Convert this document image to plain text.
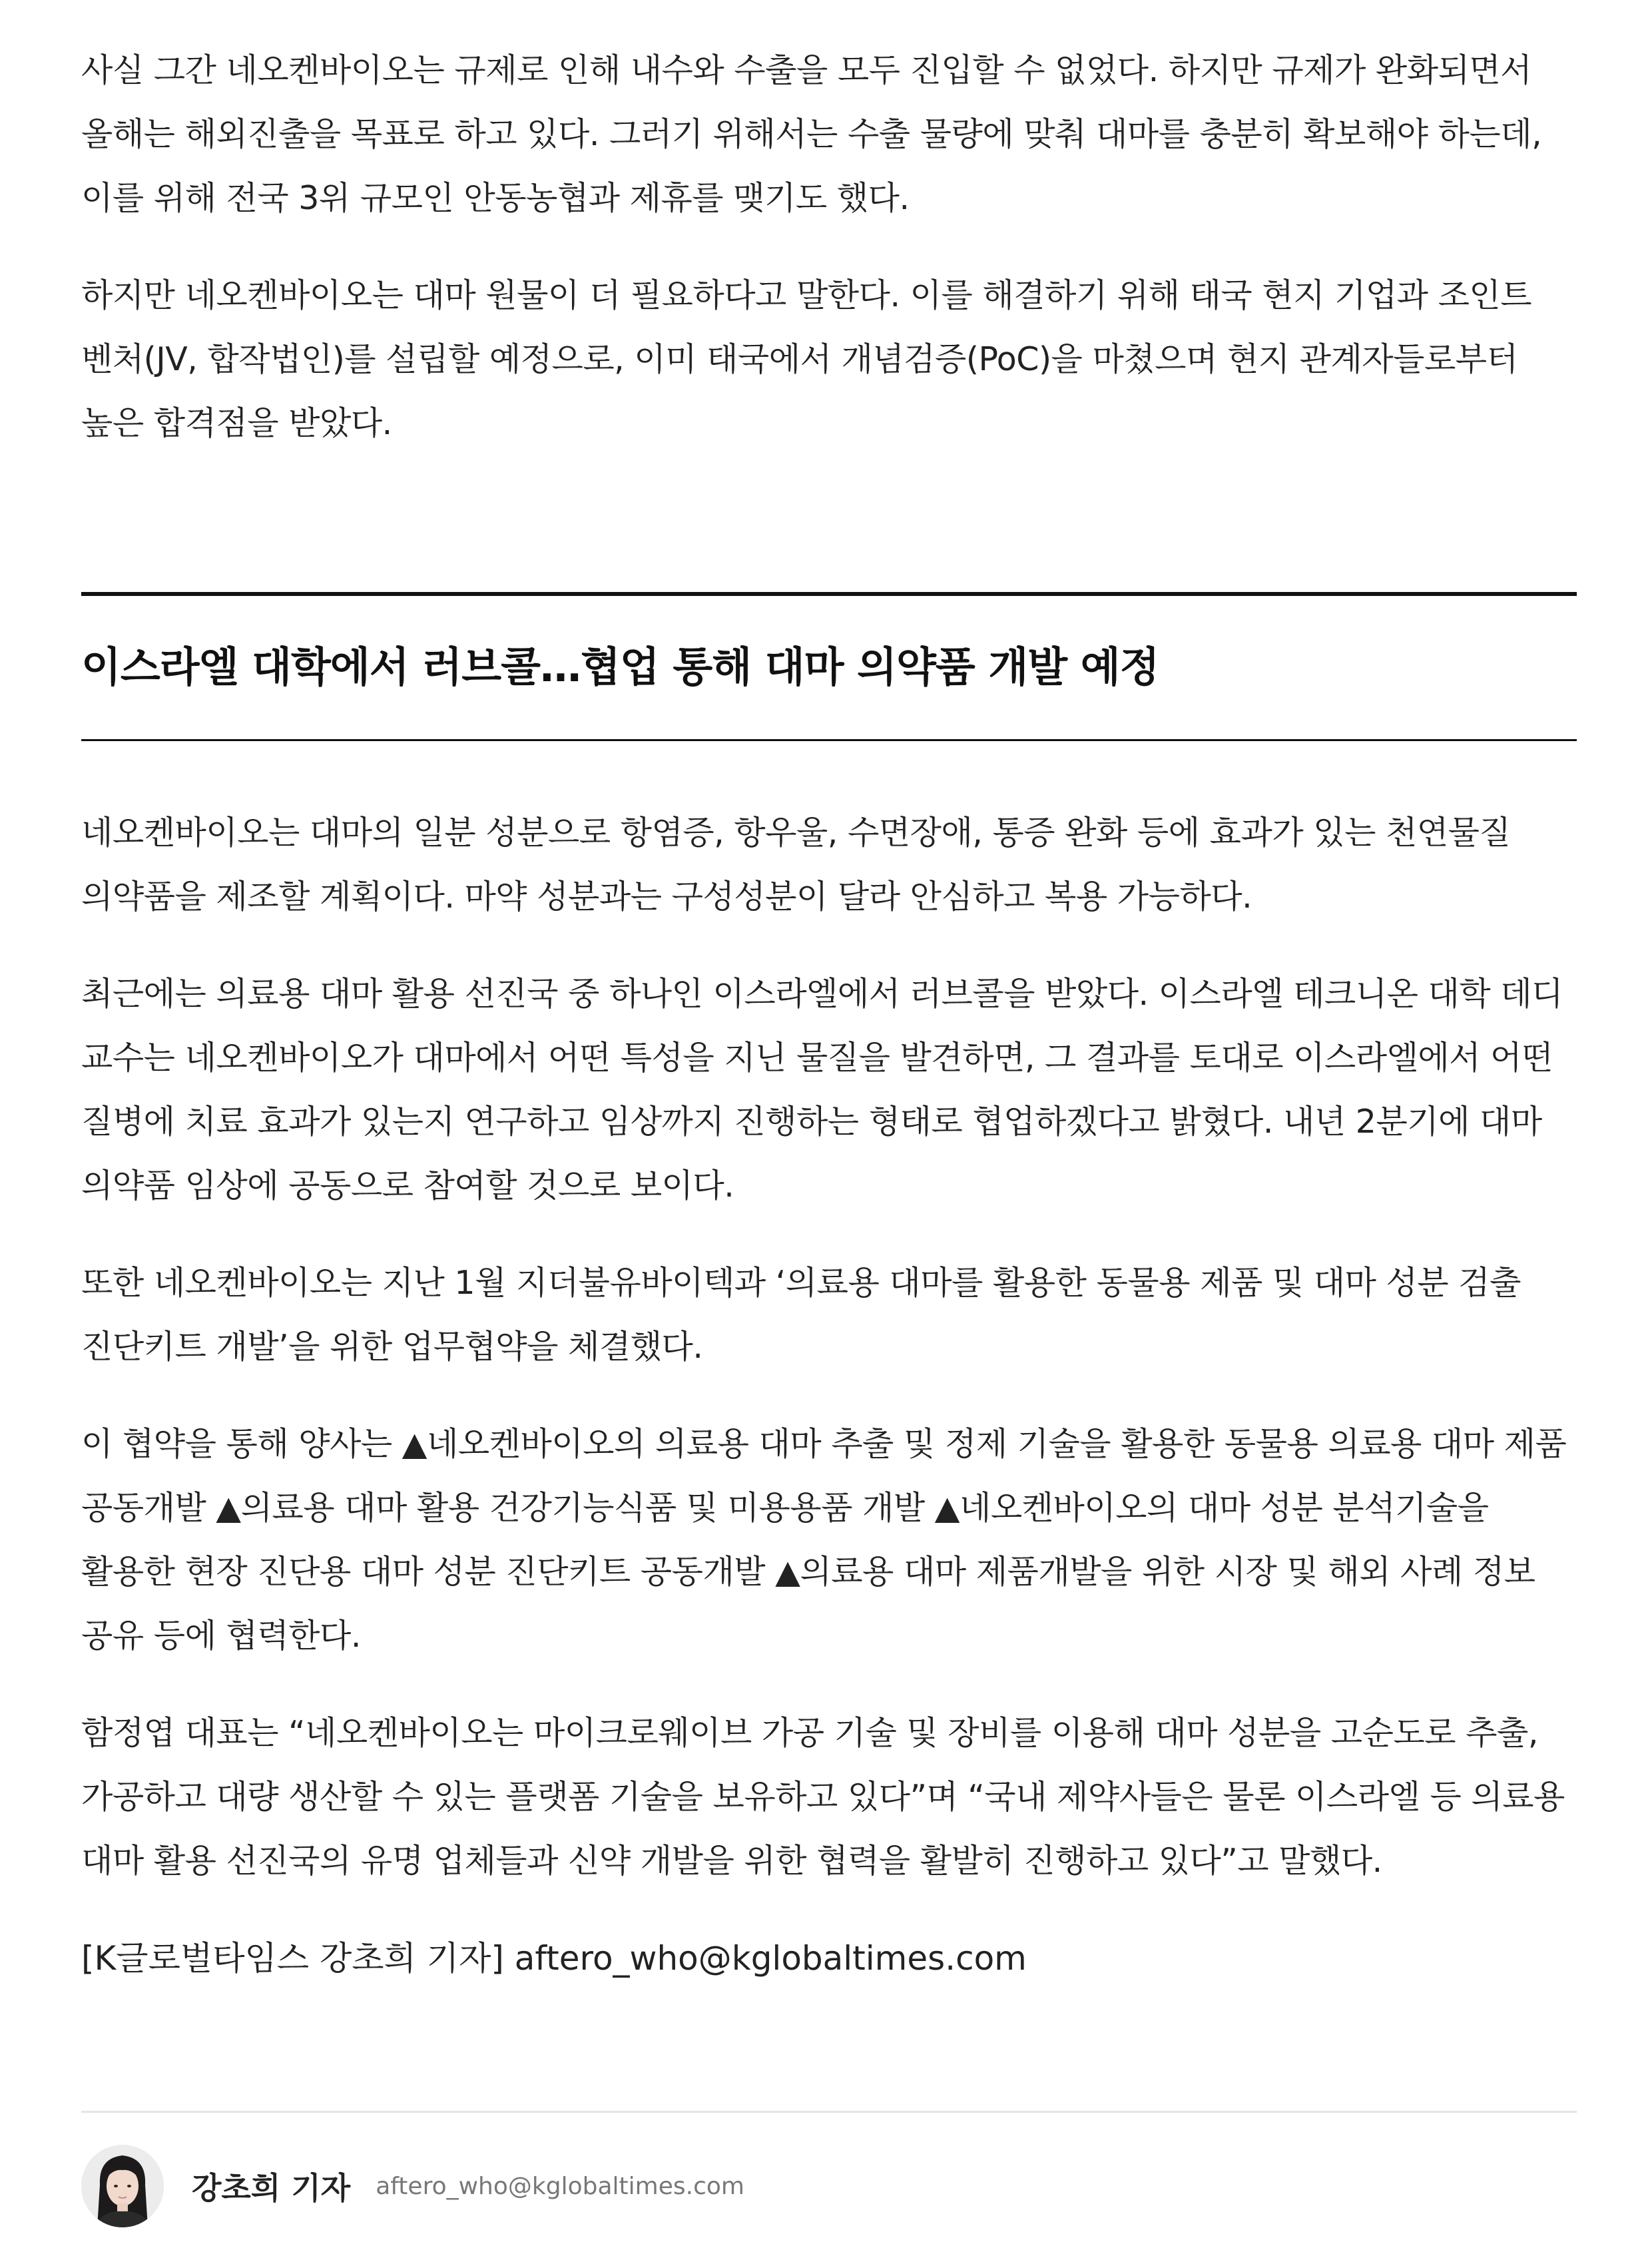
사실 그간 네오켄바이오는 규제로 인해 내수와 수출을 모두 진입할 수 없었다. 하지만 규제가 완화되면서 올해는 해외진출을 목표로 하고 있다. 그러기 위해서는 수출 물량에 맞춰 대마를 충분히 확보해야 하는데, 이를 위해 전국 3위 규모인 안동농협과 제휴를 맺기도 했다.

하지만 네오켄바이오는 대마 원물이 더 필요하다고 말한다. 이를 해결하기 위해 태국 현지 기업과 조인트 벤처(JV, 합작법인)를 설립할 예정으로, 이미 태국에서 개념검증(PoC)을 마쳤으며 현지 관계자들로부터 높은 합격점을 받았다.

이스라엘 대학에서 러브콜…협업 통해 대마 의약품 개발 예정

네오켄바이오는 대마의 일분 성분으로 항염증, 항우울, 수면장애, 통증 완화 등에 효과가 있는 천연물질 의약품을 제조할 계획이다. 마약 성분과는 구성성분이 달라 안심하고 복용 가능하다.

최근에는 의료용 대마 활용 선진국 중 하나인 이스라엘에서 러브콜을 받았다. 이스라엘 테크니온 대학 데디 교수는 네오켄바이오가 대마에서 어떤 특성을 지닌 물질을 발견하면, 그 결과를 토대로 이스라엘에서 어떤 질병에 치료 효과가 있는지 연구하고 임상까지 진행하는 형태로 협업하겠다고 밝혔다. 내년 2분기에 대마 의약품 임상에 공동으로 참여할 것으로 보이다.

또한 네오켄바이오는 지난 1월 지더불유바이텍과 ‘의료용 대마를 활용한 동물용 제품 및 대마 성분 검출 진단키트 개발’을 위한 업무협약을 체결했다.

이 협약을 통해 양사는 ▲네오켄바이오의 의료용 대마 추출 및 정제 기술을 활용한 동물용 의료용 대마 제품 공동개발 ▲의료용 대마 활용 건강기능식품 및 미용용품 개발 ▲네오켄바이오의 대마 성분 분석기술을 활용한 현장 진단용 대마 성분 진단키트 공동개발 ▲의료용 대마 제품개발을 위한 시장 및 해외 사례 정보 공유 등에 협력한다.

함정엽 대표는 “네오켄바이오는 마이크로웨이브 가공 기술 및 장비를 이용해 대마 성분을 고순도로 추출, 가공하고 대량 생산할 수 있는 플랫폼 기술을 보유하고 있다”며 “국내 제약사들은 물론 이스라엘 등 의료용 대마 활용 선진국의 유명 업체들과 신약 개발을 위한 협력을 활발히 진행하고 있다”고 말했다.

[K글로벌타임스 강초희 기자] aftero_who@kglobaltimes.com

강초희 기자 aftero_who@kglobaltimes.com
